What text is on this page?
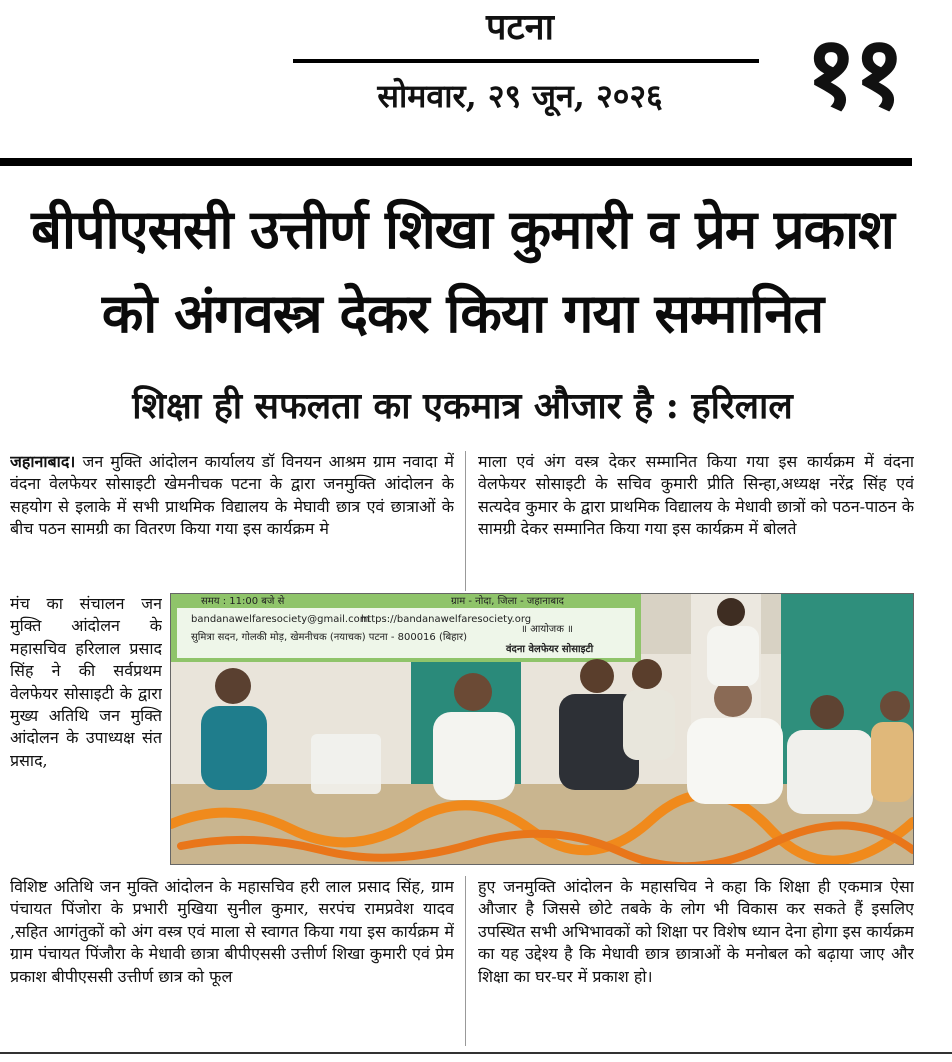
पटना
सोमवार, २९ जून, २०२६	११
बीपीएससी उत्तीर्ण शिखा कुमारी व प्रेम प्रकाश को अंगवस्त्र देकर किया गया सम्मानित
शिक्षा ही सफलता का एकमात्र औजार है : हरिलाल

जहानाबाद। जन मुक्ति आंदोलन कार्यालय डॉ विनयन आश्रम ग्राम नवादा में वंदना वेलफेयर सोसाइटी खेमनीचक पटना के द्वारा जनमुक्ति आंदोलन के सहयोग से इलाके में सभी प्राथमिक विद्यालय के मेघावी छात्र एवं छात्राओं के बीच पठन सामग्री का वितरण किया गया इस कार्यक्रम मे

माला एवं अंग वस्त्र देकर सम्मानित किया गया इस कार्यक्रम में वंदना वेलफेयर सोसाइटी के सचिव कुमारी प्रीति सिन्हा,अध्यक्ष नरेंद्र सिंह एवं सत्यदेव कुमार के द्वारा प्राथमिक विद्यालय के मेधावी छात्रों को पठन-पाठन के सामग्री देकर सम्मानित किया गया इस कार्यक्रम में बोलते

मंच का संचालन जन मुक्ति आंदोलन के महासचिव हरिलाल प्रसाद सिंह ने की सर्वप्रथम वेलफेयर सोसाइटी के द्वारा मुख्य अतिथि जन मुक्ति आंदोलन के उपाध्यक्ष संत प्रसाद,

समय : 11:00 बजे से	ग्राम - नोदा, जिला - जहानाबाद
bandanawelfaresociety@gmail.com
https://bandanawelfaresociety.org
सुमित्रा सदन, गोलकी मोड़, खेमनीचक (नयाचक) पटना - 800016 (बिहार)
॥ आयोजक ॥
वंदना वेलफेयर सोसाइटी

विशिष्ट अतिथि जन मुक्ति आंदोलन के महासचिव हरी लाल प्रसाद सिंह, ग्राम पंचायत पिंजोरा के प्रभारी मुखिया सुनील कुमार, सरपंच रामप्रवेश यादव ,सहित आगंतुकों को अंग वस्त्र एवं माला से स्वागत किया गया इस कार्यक्रम में ग्राम पंचायत पिंजौरा के मेधावी छात्रा बीपीएससी उत्तीर्ण शिखा कुमारी एवं प्रेम प्रकाश बीपीएससी उत्तीर्ण छात्र को फूल

हुए जनमुक्ति आंदोलन के महासचिव ने कहा कि शिक्षा ही एकमात्र ऐसा औजार है जिससे छोटे तबके के लोग भी विकास कर सकते हैं इसलिए उपस्थित सभी अभिभावकों को शिक्षा पर विशेष ध्यान देना होगा इस कार्यक्रम का यह उद्देश्य है कि मेधावी छात्र छात्राओं के मनोबल को बढ़ाया जाए और शिक्षा का घर-घर में प्रकाश हो।
